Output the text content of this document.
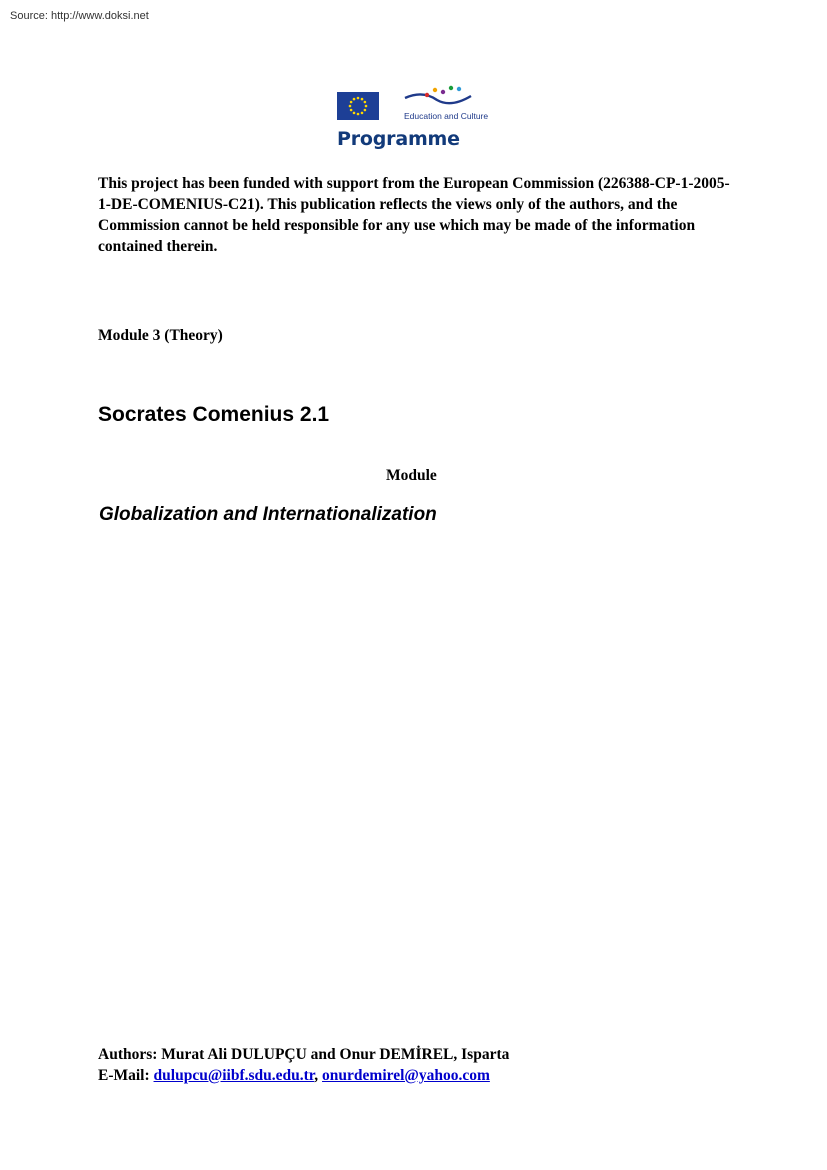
Source: http://www.doksi.net
Education and Culture
Programme
This project has been funded with support from the European Commission (226388-CP-1-2005-1-DE-COMENIUS-C21). This publication reflects the views only of the authors, and the Commission cannot be held responsible for any use which may be made of the information contained therein.
Module 3 (Theory)
Socrates Comenius 2.1
Module
Globalization and Internationalization
Authors: Murat Ali DULUPÇU and Onur DEMİREL, Isparta
E-Mail: dulupcu@iibf.sdu.edu.tr, onurdemirel@yahoo.com
